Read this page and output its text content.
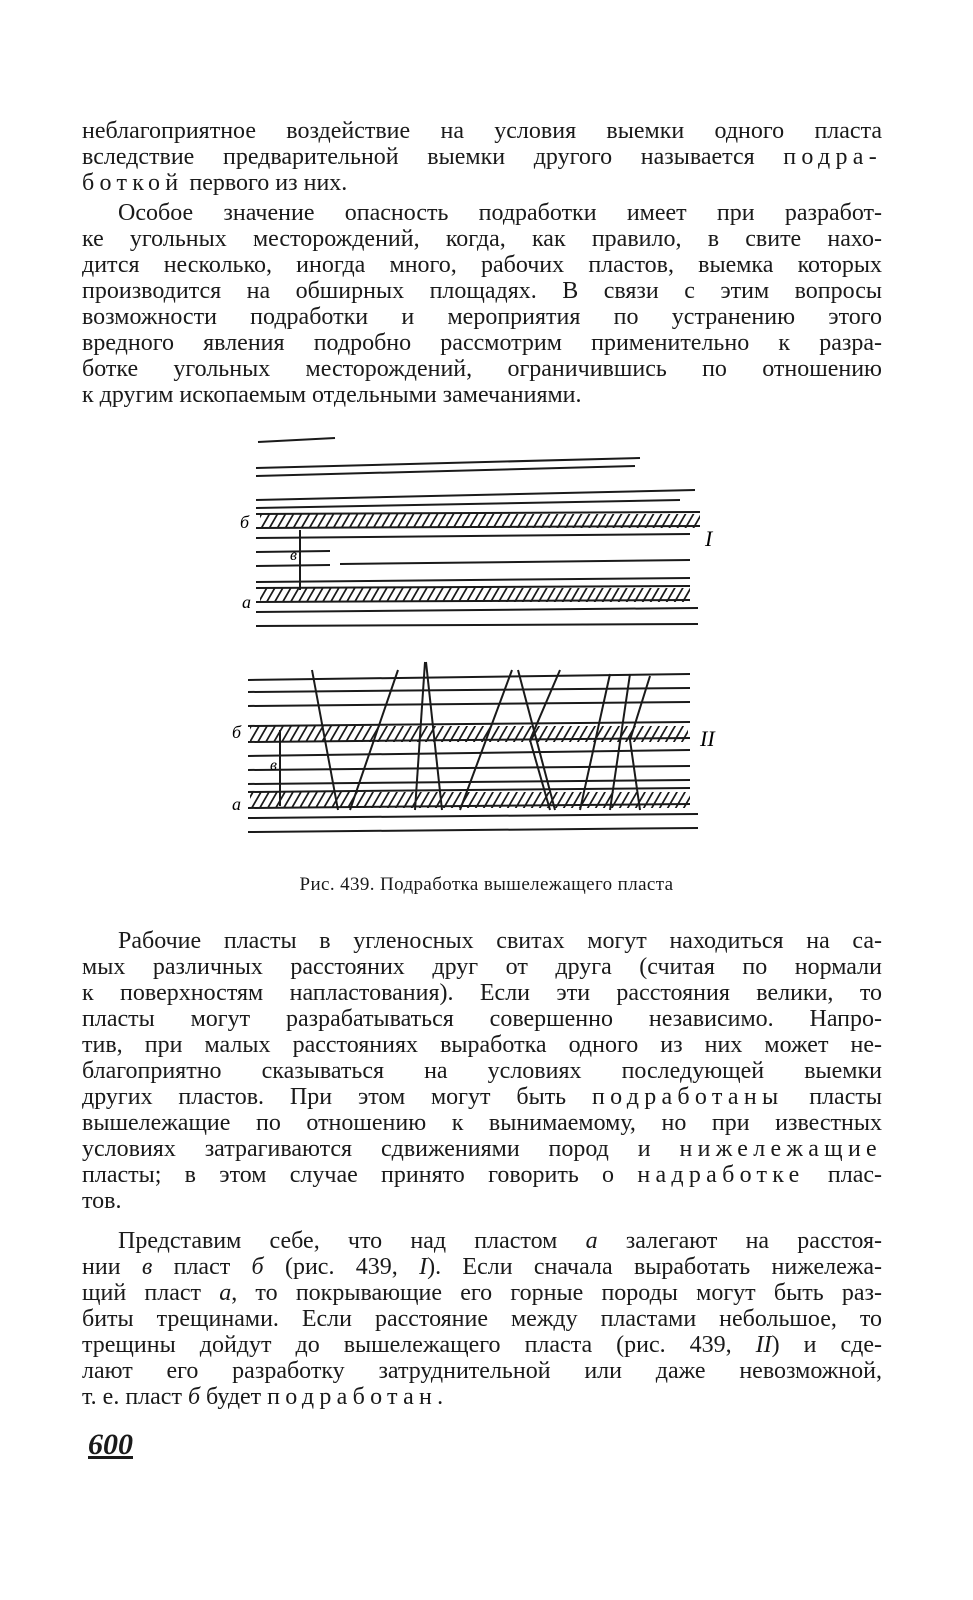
неблагоприятное воздействие на условия выемки одного пласта
вследствие предварительной выемки другого называется подра-
боткой первого из них.

Особое значение опасность подработки имеет при разработ-
ке угольных месторождений, когда, как правило, в свите нахо-
дится несколько, иногда много, рабочих пластов, выемка которых
производится на обширных площадях. В связи с этим вопросы
возможности подработки и мероприятия по устранению этого
вредного явления подробно рассмотрим применительно к разра-
ботке угольных месторождений, ограничившись по отношению
к другим ископаемым отдельными замечаниями.

б
в
а
I
б
в
а
II
Рис. 439. Подработка вышележащего пласта

Рабочие пласты в угленосных свитах могут находиться на са-
мых различных расстояних друг от друга (считая по нормали
к поверхностям напластования). Если эти расстояния велики, то
пласты могут разрабатываться совершенно независимо. Напро-
тив, при малых расстояниях выработка одного из них может не-
благоприятно сказываться на условиях последующей выемки
других пластов. При этом могут быть подработаны пласты
вышележащие по отношению к вынимаемому, но при известных
условиях затрагиваются сдвижениями пород и нижележащие
пласты; в этом случае принято говорить о надработке плас-
тов.

Представим себе, что над пластом а залегают на расстоя-
нии в пласт б (рис. 439, I). Если сначала выработать нижележа-
щий пласт а, то покрывающие его горные породы могут быть раз-
биты трещинами. Если расстояние между пластами небольшое, то
трещины дойдут до вышележащего пласта (рис. 439, II) и сде-
лают его разработку затруднительной или даже невозможной,
т. е. пласт б будет подработан.

600
